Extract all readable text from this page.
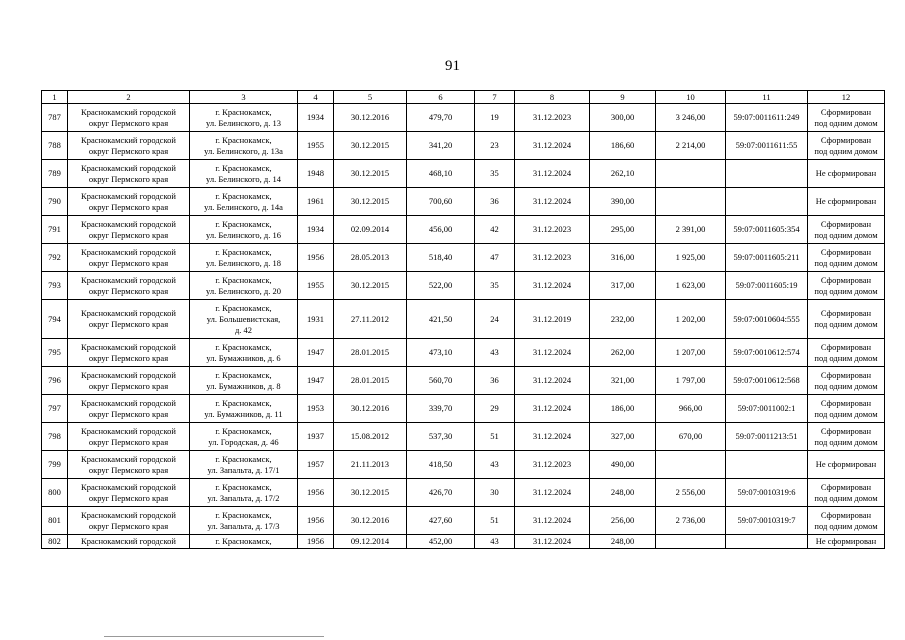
91
1	2	3	4	5	6	7	8	9	10	11	12
787	Краснокамский городской
округ Пермского края	г. Краснокамск,
ул. Белинского, д. 13	1934	30.12.2016	479,70	19	31.12.2023	300,00	3 246,00	59:07:0011611:249	Сформирован
под одним домом
788	Краснокамский городской
округ Пермского края	г. Краснокамск,
ул. Белинского, д. 13а	1955	30.12.2015	341,20	23	31.12.2024	186,60	2 214,00	59:07:0011611:55	Сформирован
под одним домом
789	Краснокамский городской
округ Пермского края	г. Краснокамск,
ул. Белинского, д. 14	1948	30.12.2015	468,10	35	31.12.2024	262,10			Не сформирован
790	Краснокамский городской
округ Пермского края	г. Краснокамск,
ул. Белинского, д. 14а	1961	30.12.2015	700,60	36	31.12.2024	390,00			Не сформирован
791	Краснокамский городской
округ Пермского края	г. Краснокамск,
ул. Белинского, д. 16	1934	02.09.2014	456,00	42	31.12.2023	295,00	2 391,00	59:07:0011605:354	Сформирован
под одним домом
792	Краснокамский городской
округ Пермского края	г. Краснокамск,
ул. Белинского, д. 18	1956	28.05.2013	518,40	47	31.12.2023	316,00	1 925,00	59:07:0011605:211	Сформирован
под одним домом
793	Краснокамский городской
округ Пермского края	г. Краснокамск,
ул. Белинского, д. 20	1955	30.12.2015	522,00	35	31.12.2024	317,00	1 623,00	59:07:0011605:19	Сформирован
под одним домом
794	Краснокамский городской
округ Пермского края	г. Краснокамск,
ул. Большевистская,
д. 42	1931	27.11.2012	421,50	24	31.12.2019	232,00	1 202,00	59:07:0010604:555	Сформирован
под одним домом
795	Краснокамский городской
округ Пермского края	г. Краснокамск,
ул. Бумажников, д. 6	1947	28.01.2015	473,10	43	31.12.2024	262,00	1 207,00	59:07:0010612:574	Сформирован
под одним домом
796	Краснокамский городской
округ Пермского края	г. Краснокамск,
ул. Бумажников, д. 8	1947	28.01.2015	560,70	36	31.12.2024	321,00	1 797,00	59:07:0010612:568	Сформирован
под одним домом
797	Краснокамский городской
округ Пермского края	г. Краснокамск,
ул. Бумажников, д. 11	1953	30.12.2016	339,70	29	31.12.2024	186,00	966,00	59:07:0011002:1	Сформирован
под одним домом
798	Краснокамский городской
округ Пермского края	г. Краснокамск,
ул. Городская, д. 46	1937	15.08.2012	537,30	51	31.12.2024	327,00	670,00	59:07:0011213:51	Сформирован
под одним домом
799	Краснокамский городской
округ Пермского края	г. Краснокамск,
ул. Запальта, д. 17/1	1957	21.11.2013	418,50	43	31.12.2023	490,00			Не сформирован
800	Краснокамский городской
округ Пермского края	г. Краснокамск,
ул. Запальта, д. 17/2	1956	30.12.2015	426,70	30	31.12.2024	248,00	2 556,00	59:07:0010319:6	Сформирован
под одним домом
801	Краснокамский городской
округ Пермского края	г. Краснокамск,
ул. Запальта, д. 17/3	1956	30.12.2016	427,60	51	31.12.2024	256,00	2 736,00	59:07:0010319:7	Сформирован
под одним домом
802	Краснокамский городской	г. Краснокамск,	1956	09.12.2014	452,00	43	31.12.2024	248,00			Не сформирован
